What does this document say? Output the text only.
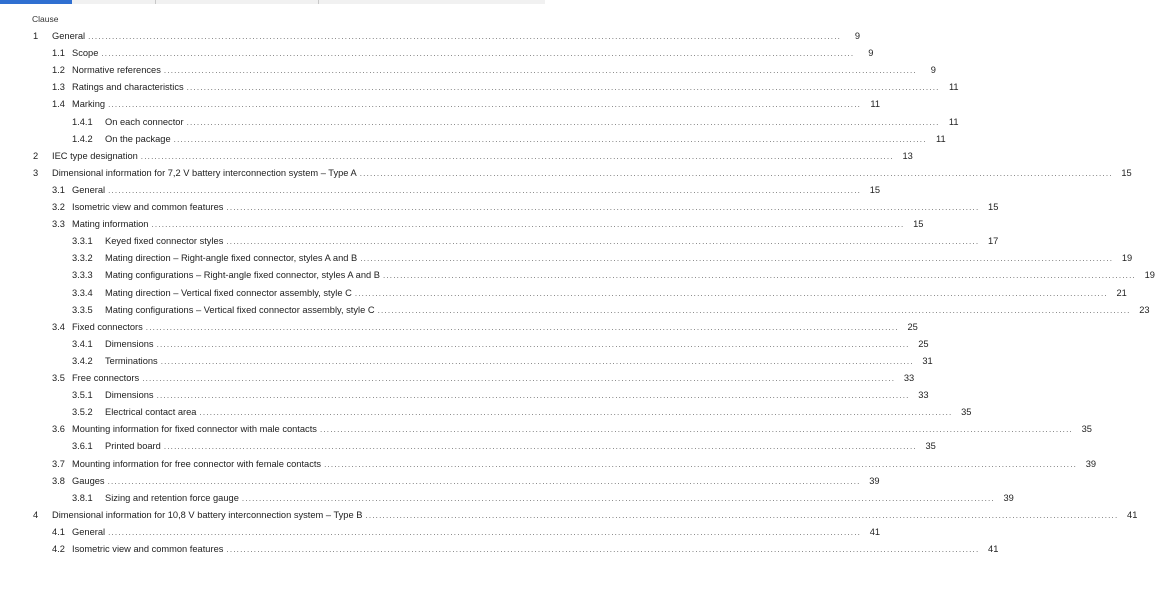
Clause
1	General ............................................................................................................................................................................................................................	9
1.1 Scope ............................................................................................................................................................................................................................	9
1.2 Normative references ............................................................................................................................................................................................................................	9
1.3 Ratings and characteristics ............................................................................................................................................................................................................................	11
1.4 Marking ............................................................................................................................................................................................................................	11
1.4.1	On each connector ............................................................................................................................................................................................................................	11
1.4.2	On the package ............................................................................................................................................................................................................................	11
2	IEC type designation ............................................................................................................................................................................................................................ 13
3	Dimensional information for 7,2 V battery interconnection system – Type A ............................................................................................................................................................................................................................ 15
3.1 General ............................................................................................................................................................................................................................ 15
3.2 Isometric view and common features ............................................................................................................................................................................................................................ 15
3.3 Mating information ............................................................................................................................................................................................................................ 15
3.3.1	Keyed fixed connector styles ............................................................................................................................................................................................................................ 17
3.3.2	Mating direction – Right-angle fixed connector, styles A and B ............................................................................................................................................................................................................................ 19
3.3.3	Mating configurations – Right-angle fixed connector, styles A and B ............................................................................................................................................................................................................................ 19
3.3.4	Mating direction – Vertical fixed connector assembly, style C ............................................................................................................................................................................................................................ 21
3.3.5	Mating configurations – Vertical fixed connector assembly, style C ............................................................................................................................................................................................................................ 23
3.4 Fixed connectors ............................................................................................................................................................................................................................ 25
3.4.1	Dimensions ............................................................................................................................................................................................................................ 25
3.4.2	Terminations ............................................................................................................................................................................................................................ 31
3.5 Free connectors ............................................................................................................................................................................................................................ 33
3.5.1	Dimensions ............................................................................................................................................................................................................................ 33
3.5.2	Electrical contact area ............................................................................................................................................................................................................................ 35
3.6 Mounting information for fixed connector with male contacts ............................................................................................................................................................................................................................ 35
3.6.1	Printed board ............................................................................................................................................................................................................................ 35
3.7 Mounting information for free connector with female contacts ............................................................................................................................................................................................................................ 39
3.8 Gauges ............................................................................................................................................................................................................................ 39
3.8.1	Sizing and retention force gauge ............................................................................................................................................................................................................................ 39
4	Dimensional information for 10,8 V battery interconnection system – Type B ............................................................................................................................................................................................................................ 41
4.1 General ............................................................................................................................................................................................................................ 41
4.2 Isometric view and common features ............................................................................................................................................................................................................................ 41
